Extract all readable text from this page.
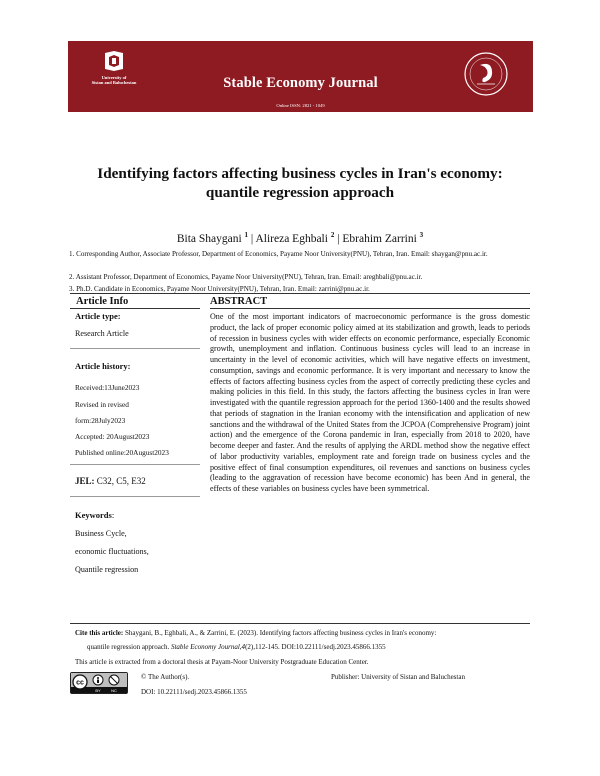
University of
Sistan and Baluchestan	Stable Economy Journal
Online ISSN: 2821 - 1049
Identifying factors affecting business cycles in Iran's economy:
quantile regression approach
Bita Shaygani $^1$ | Alireza Eghbali $^2$ | Ebrahim Zarrini $^3$
1. Corresponding Author, Associate Professor, Department of Economics, Payame Noor University(PNU), Tehran, Iran. Email: shaygan@pnu.ac.ir.
2. Assistant Professor, Department of Economics, Payame Noor University(PNU), Tehran, Iran. Email: areghbali@pnu.ac.ir.
3. Ph.D. Candidate in Economics, Payame Noor University(PNU), Tehran, Iran. Email: zarrini@pnu.ac.ir.
Article Info	ABSTRACT
Article type:
Research Article
Article history:
Received:13June2023
Revised in revised
form:28July2023
Accepted: 20August2023
Published online:20August2023
JEL: C32, C5, E32
Keywords:
Business Cycle,
economic fluctuations,
Quantile regression
One of the most important indicators of macroeconomic performance is the gross domestic product, the lack of proper economic policy aimed at its stabilization and growth, leads to periods of recession in business cycles with wider effects on economic performance, especially Economic growth, unemployment and inflation. Continuous business cycles will lead to an increase in uncertainty in the level of economic activities, which will have negative effects on investment, consumption, savings and economic performance. It is very important and necessary to know the effects of factors affecting business cycles from the aspect of correctly predicting these cycles and making policies in this field. In this study, the factors affecting the business cycles in Iran were investigated with the quantile regression approach for the period 1360-1400 and the results showed that periods of stagnation in the Iranian economy with the intensification and application of new sanctions and the withdrawal of the United States from the JCPOA (Comprehensive Program) joint action) and the emergence of the Corona pandemic in Iran, especially from 2018 to 2020, have become deeper and faster. And the results of applying the ARDL method show the negative effect of labor productivity variables, employment rate and foreign trade on business cycles and the positive effect of final consumption expenditures, oil revenues and sanctions on business cycles (leading to the aggravation of recession have become economic) has been And in general, the effects of these variables on business cycles have been symmetrical.
Cite this article: Shaygani, B., Eghbali, A., & Zarrini, E. (2023). Identifying factors affecting business cycles in Iran's economy:
quantile regression approach. Stable Economy Journal,4(2),112-145. DOI:10.22111/sedj.2023.45866.1355
This article is extracted from a doctoral thesis at Payam-Noor University Postgraduate Education Center.
© The Author(s).	Publisher: University of Sistan and Baluchestan
DOI: 10.22111/sedj.2023.45866.1355
cc
BY	NC
